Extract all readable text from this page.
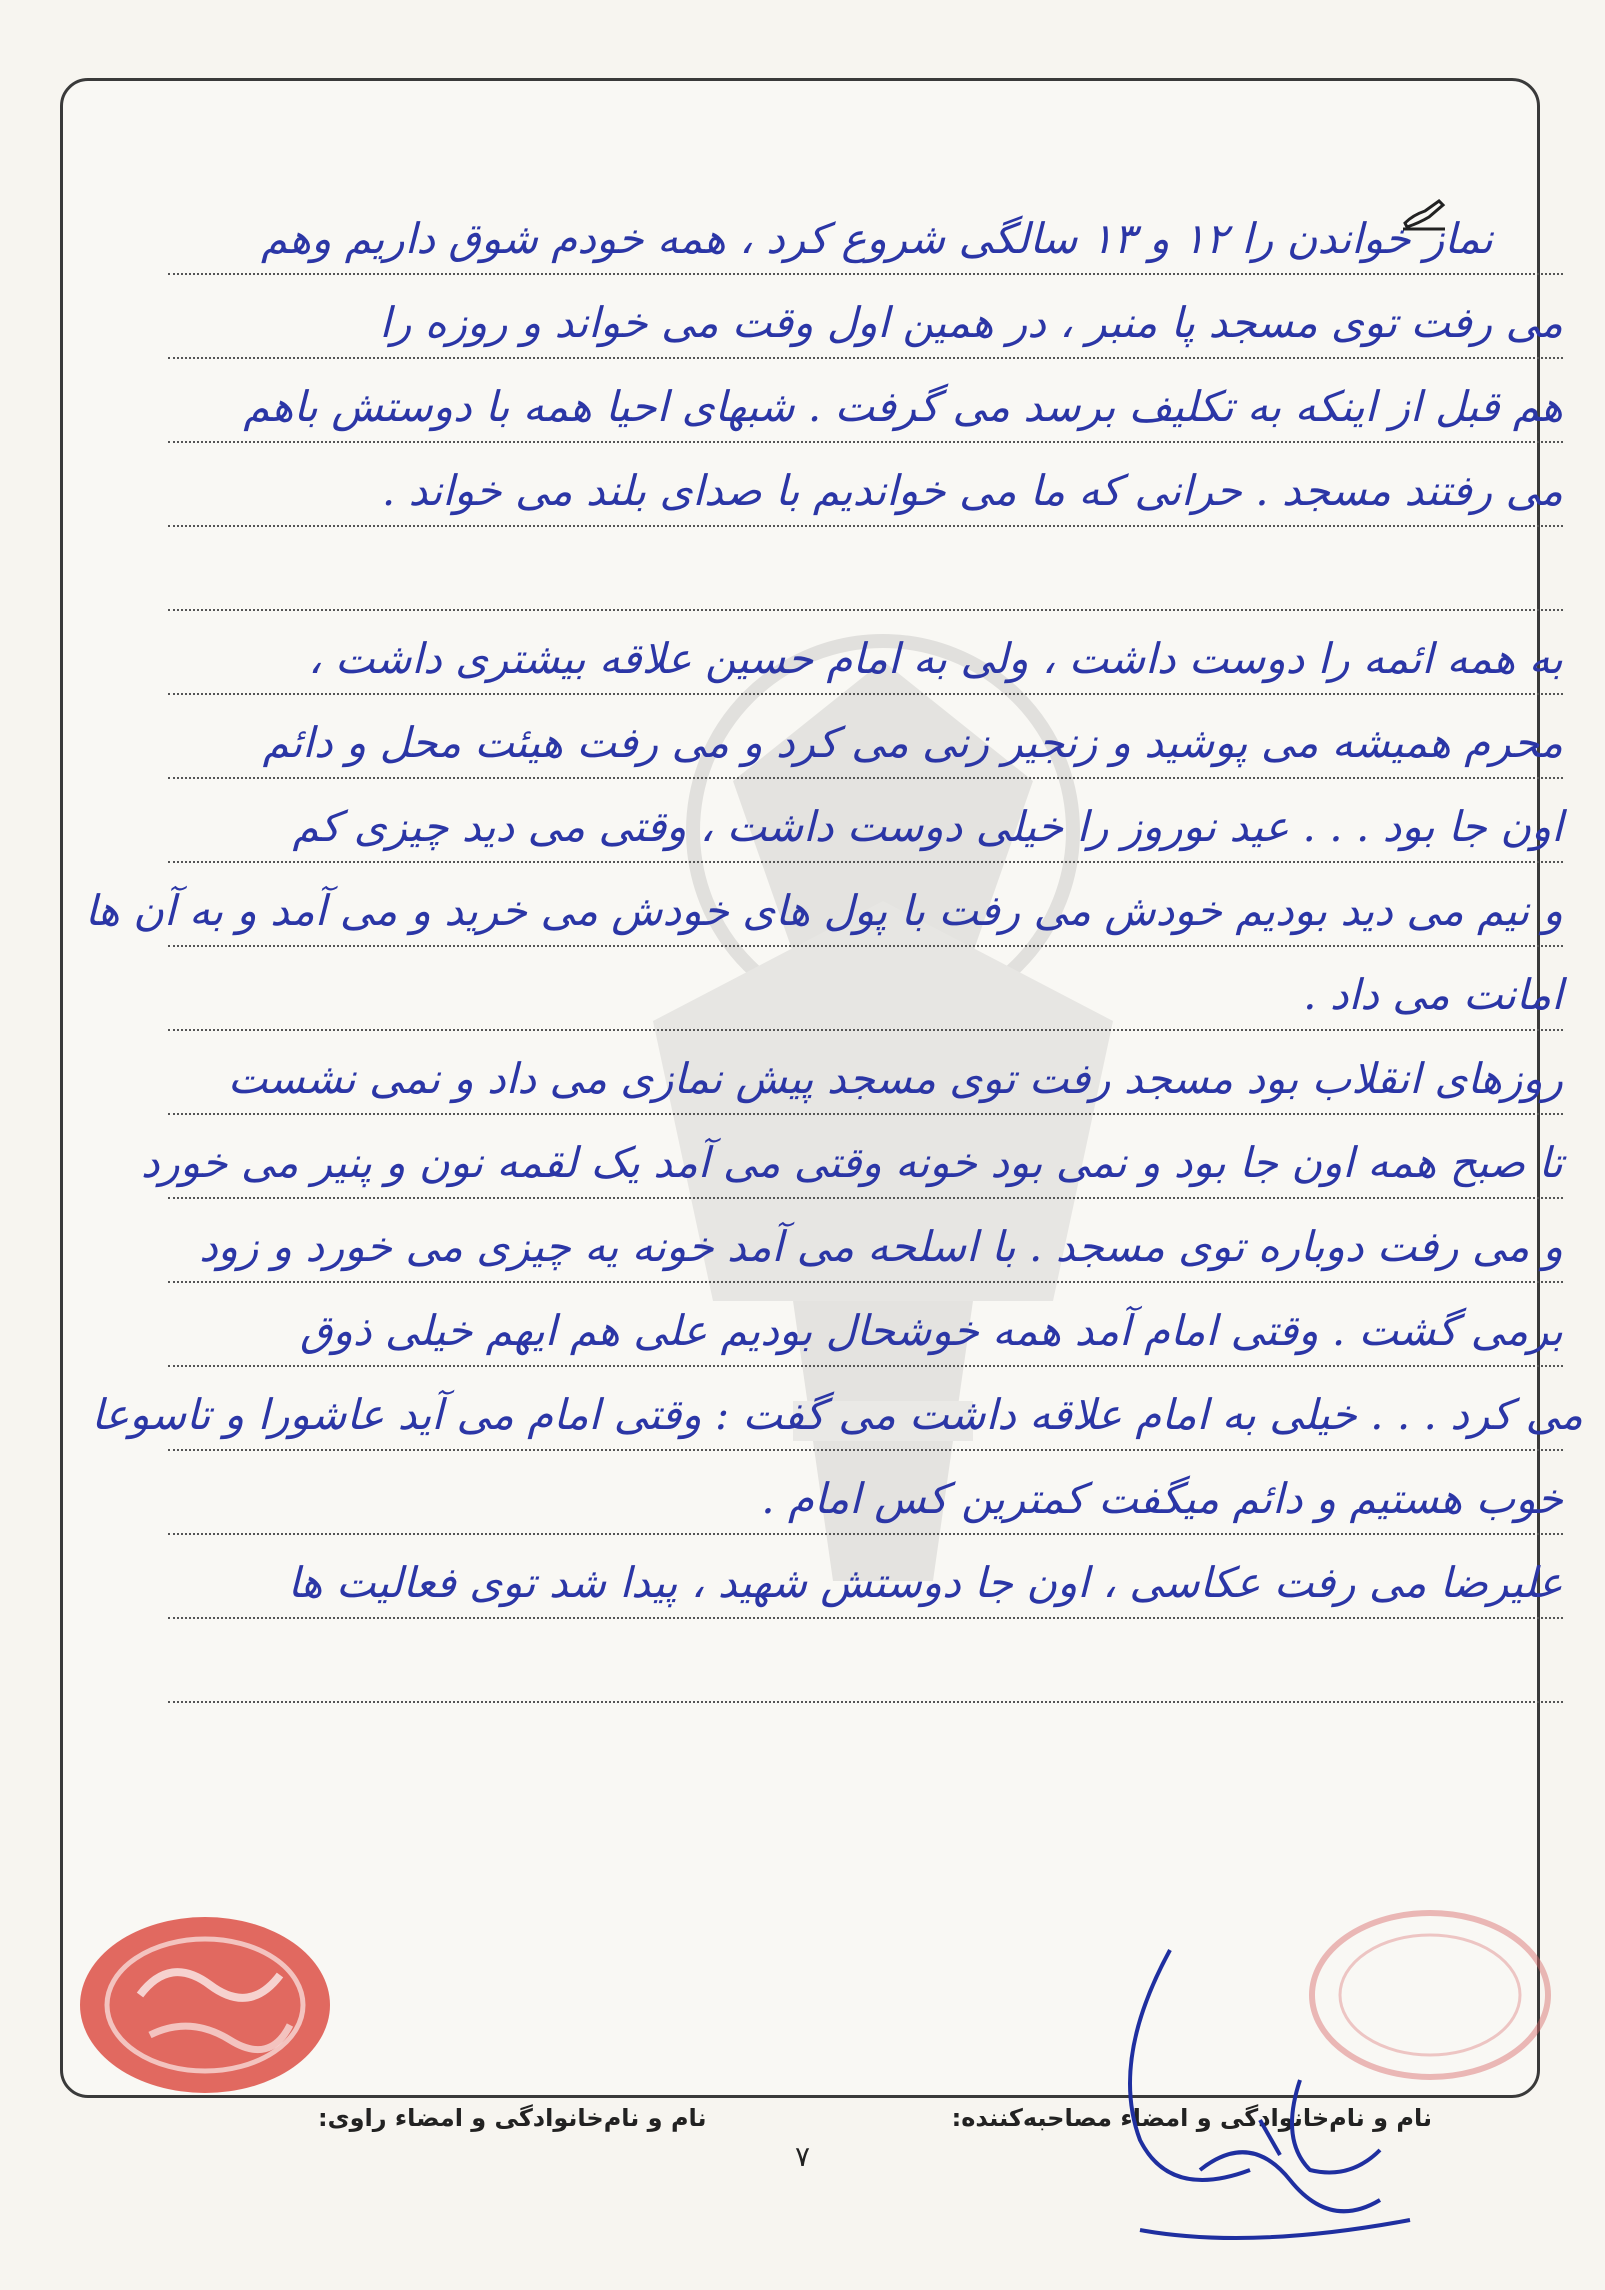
نماز خواندن را ۱۲ و ۱۳ سالگی شروع کرد ، همه خودم شوق داریم وهم
می رفت توی مسجد پا منبر ، در همین اول وقت می خواند و روزه را
هم قبل از اینکه به تکلیف برسد می گرفت . شبهای احیا همه با دوستش باهم
می رفتند مسجد . حرانی که ما می خواندیم با صدای بلند می خواند .
به همه ائمه را دوست داشت ، ولی به امام حسین علاقه بیشتری داشت ،
محرم همیشه می پوشید و زنجیر زنی می کرد و می رفت هیئت محل و دائم
اون جا بود . . . عید نوروز را خیلی دوست داشت ، وقتی می دید چیزی کم
و نیم می دید بودیم خودش می رفت با پول های خودش می خرید و می آمد و به آن ها
امانت می داد .
روزهای انقلاب بود مسجد رفت توی مسجد پیش نمازی می داد و نمی نشست
تا صبح همه اون جا بود و نمی بود خونه وقتی می آمد یک لقمه نون و پنیر می خورد
و می رفت دوباره توی مسجد . با اسلحه می آمد خونه یه چیزی می خورد و زود
برمی گشت . وقتی امام آمد همه خوشحال بودیم علی هم ایهم خیلی ذوق
می کرد . . . خیلی به امام علاقه داشت می گفت : وقتی امام می آید عاشورا و تاسوعا
خوب هستیم و دائم میگفت کمترین کس امام .
علیرضا می رفت عکاسی ، اون جا دوستش شهید ، پیدا شد توی فعالیت ها
نام و نام‌خانوادگی و امضاء مصاحبه‌کننده:
نام و نام‌خانوادگی و امضاء راوی:
۷
